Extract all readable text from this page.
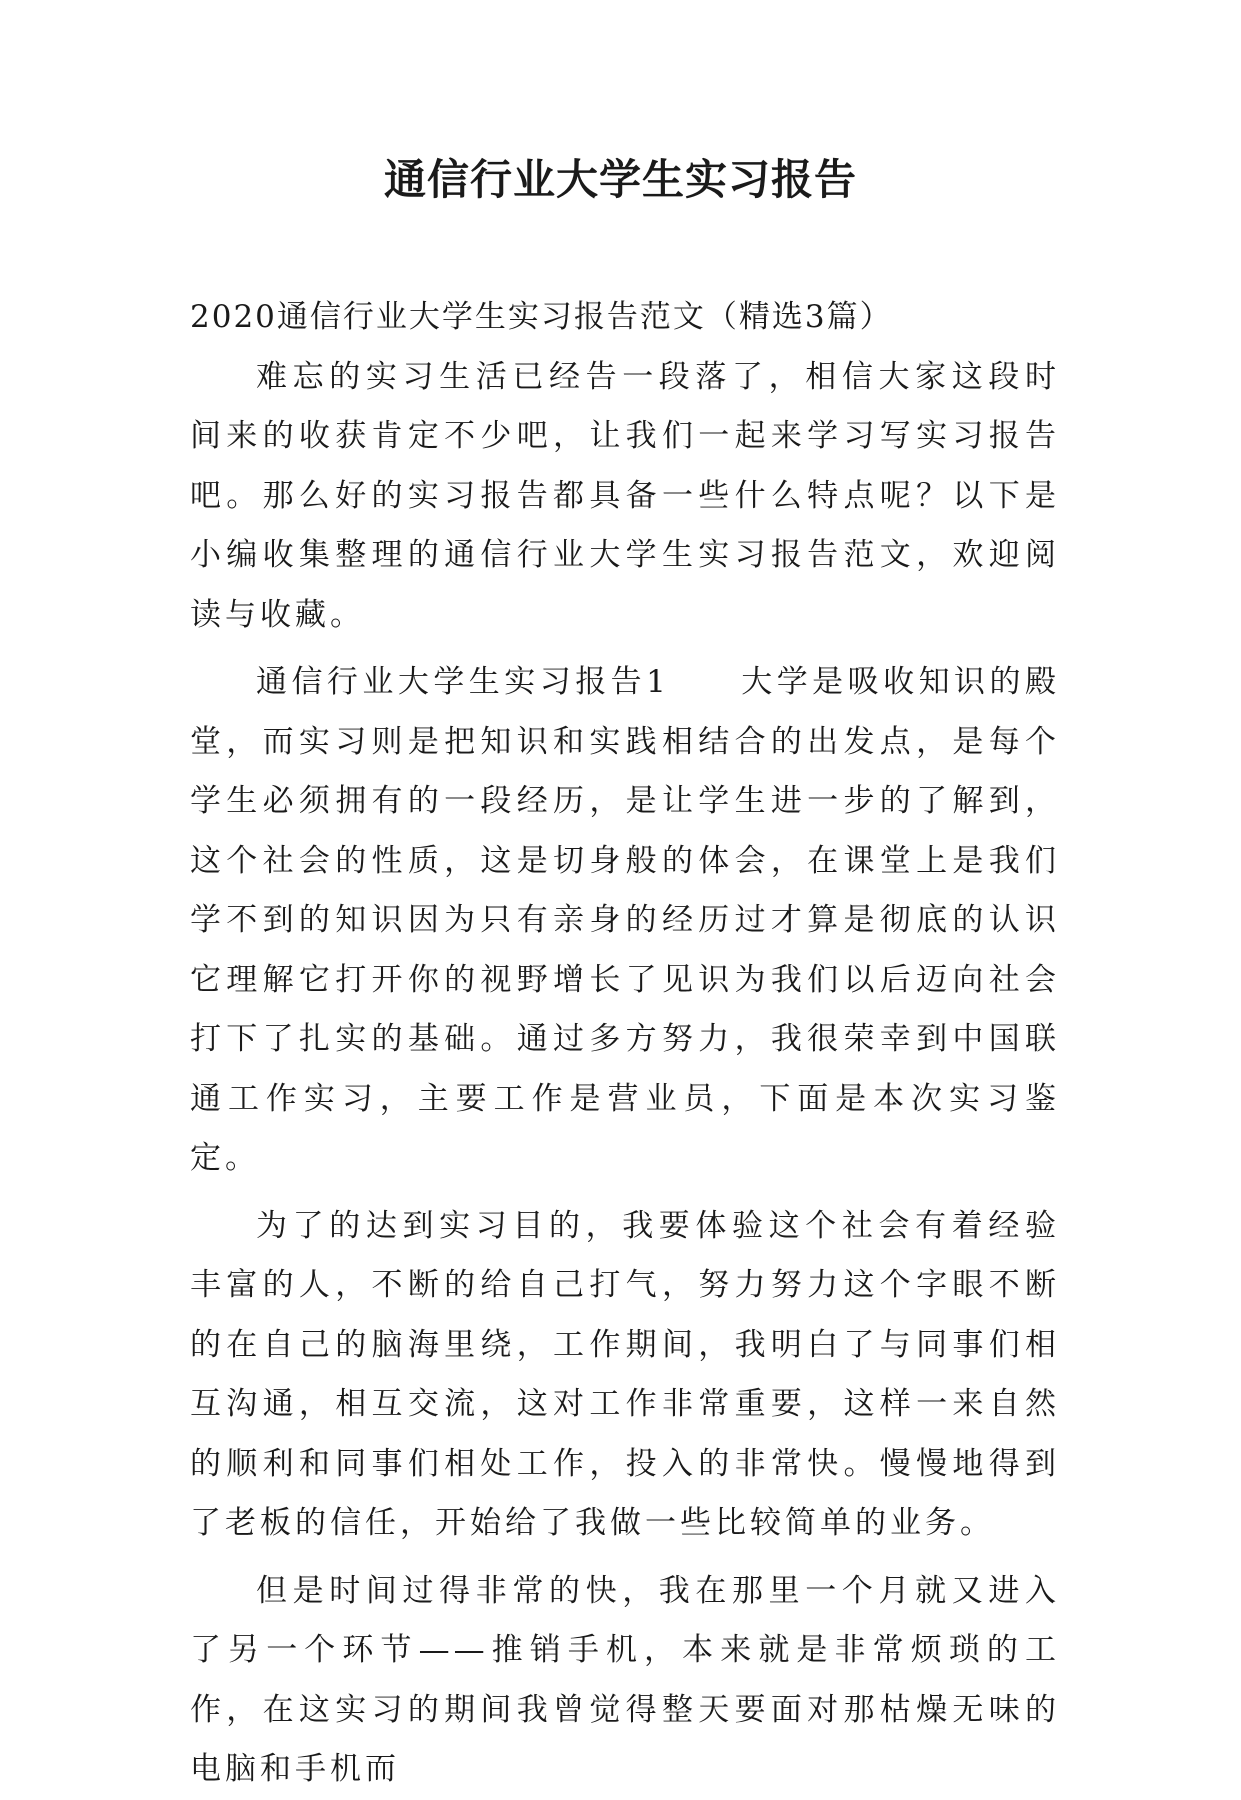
通信行业大学生实习报告

2020通信行业大学生实习报告范文（精选3篇）

难忘的实习生活已经告一段落了，相信大家这段时间来的收获肯定不少吧，让我们一起来学习写实习报告吧。那么好的实习报告都具备一些什么特点呢？以下是小编收集整理的通信行业大学生实习报告范文，欢迎阅读与收藏。

通信行业大学生实习报告1　　大学是吸收知识的殿堂，而实习则是把知识和实践相结合的出发点，是每个学生必须拥有的一段经历，是让学生进一步的了解到，这个社会的性质，这是切身般的体会，在课堂上是我们学不到的知识因为只有亲身的经历过才算是彻底的认识它理解它打开你的视野增长了见识为我们以后迈向社会打下了扎实的基础。通过多方努力，我很荣幸到中国联通工作实习，主要工作是营业员，下面是本次实习鉴定。

为了的达到实习目的，我要体验这个社会有着经验丰富的人，不断的给自己打气，努力努力这个字眼不断的在自己的脑海里绕，工作期间，我明白了与同事们相互沟通，相互交流，这对工作非常重要，这样一来自然的顺利和同事们相处工作，投入的非常快。慢慢地得到了老板的信任，开始给了我做一些比较简单的业务。

但是时间过得非常的快，我在那里一个月就又进入了另一个环节——推销手机，本来就是非常烦琐的工作，在这实习的期间我曾觉得整天要面对那枯燥无味的电脑和手机而
